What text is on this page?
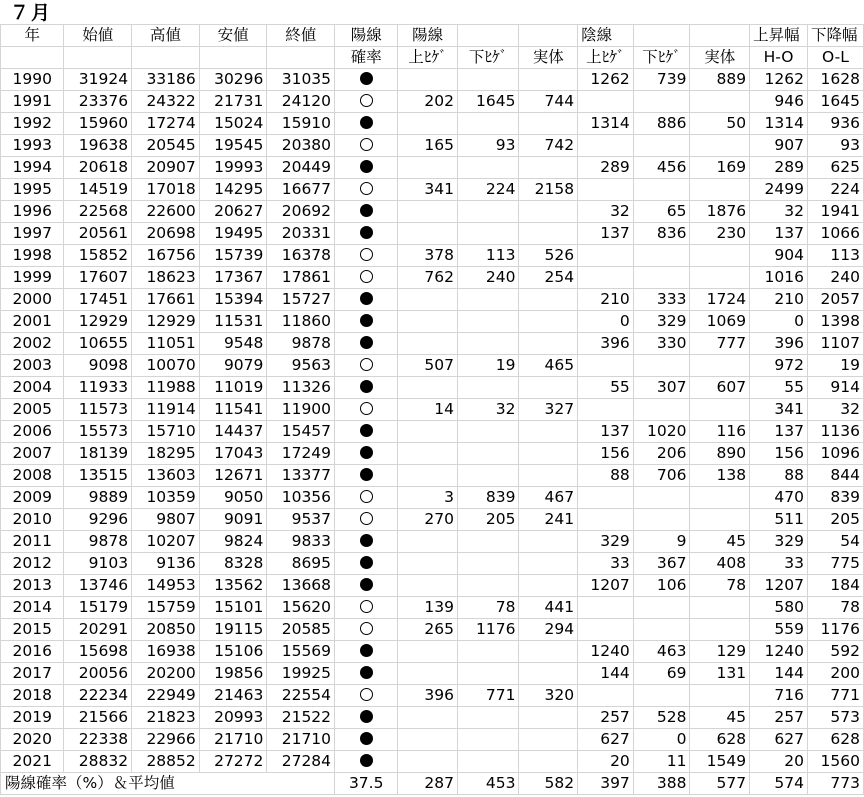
７月
年	始値	高値	安値	終値	陽線	陽線			陰線			上昇幅	下降幅
					確率	上ﾋｹﾞ	下ﾋｹﾞ	実体	上ﾋｹﾞ	下ﾋｹﾞ	実体	H-O	O-L
1990	31924	33186	30296	31035					1262	739	889	1262	1628
1991	23376	24322	21731	24120		202	1645	744				946	1645
1992	15960	17274	15024	15910					1314	886	50	1314	936
1993	19638	20545	19545	20380		165	93	742				907	93
1994	20618	20907	19993	20449					289	456	169	289	625
1995	14519	17018	14295	16677		341	224	2158				2499	224
1996	22568	22600	20627	20692					32	65	1876	32	1941
1997	20561	20698	19495	20331					137	836	230	137	1066
1998	15852	16756	15739	16378		378	113	526				904	113
1999	17607	18623	17367	17861		762	240	254				1016	240
2000	17451	17661	15394	15727					210	333	1724	210	2057
2001	12929	12929	11531	11860					0	329	1069	0	1398
2002	10655	11051	9548	9878					396	330	777	396	1107
2003	9098	10070	9079	9563		507	19	465				972	19
2004	11933	11988	11019	11326					55	307	607	55	914
2005	11573	11914	11541	11900		14	32	327				341	32
2006	15573	15710	14437	15457					137	1020	116	137	1136
2007	18139	18295	17043	17249					156	206	890	156	1096
2008	13515	13603	12671	13377					88	706	138	88	844
2009	9889	10359	9050	10356		3	839	467				470	839
2010	9296	9807	9091	9537		270	205	241				511	205
2011	9878	10207	9824	9833					329	9	45	329	54
2012	9103	9136	8328	8695					33	367	408	33	775
2013	13746	14953	13562	13668					1207	106	78	1207	184
2014	15179	15759	15101	15620		139	78	441				580	78
2015	20291	20850	19115	20585		265	1176	294				559	1176
2016	15698	16938	15106	15569					1240	463	129	1240	592
2017	20056	20200	19856	19925					144	69	131	144	200
2018	22234	22949	21463	22554		396	771	320				716	771
2019	21566	21823	20993	21522					257	528	45	257	573
2020	22338	22966	21710	21710					627	0	628	627	628
2021	28832	28852	27272	27284					20	11	1549	20	1560
陽線確率（%）＆平均値					37.5	287	453	582	397	388	577	574	773
